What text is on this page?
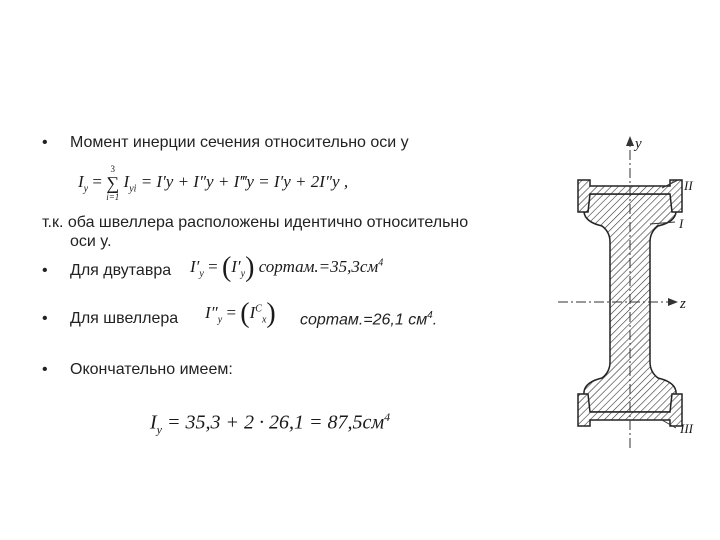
• Момент инерции сечения относительно оси y
$I_y$ =
3
∑
i=1
$I_{yi} = I'y + I''y$ + I‴y = I′y + 2I″y ,
т.к. оба швеллера расположены идентично относительно
оси y.
• Для двутавра $I'_y = (I'_y)$ $сортам.=35,3см^4$
• Для швеллера $I''_y = (I^C_x)$ сортам.=26,1 $см^4$.
• Окончательно имеем:
$I_y = 35,3 + 2 \cdot 26,1 = 87,5см^4$
y
z
II
I
III
